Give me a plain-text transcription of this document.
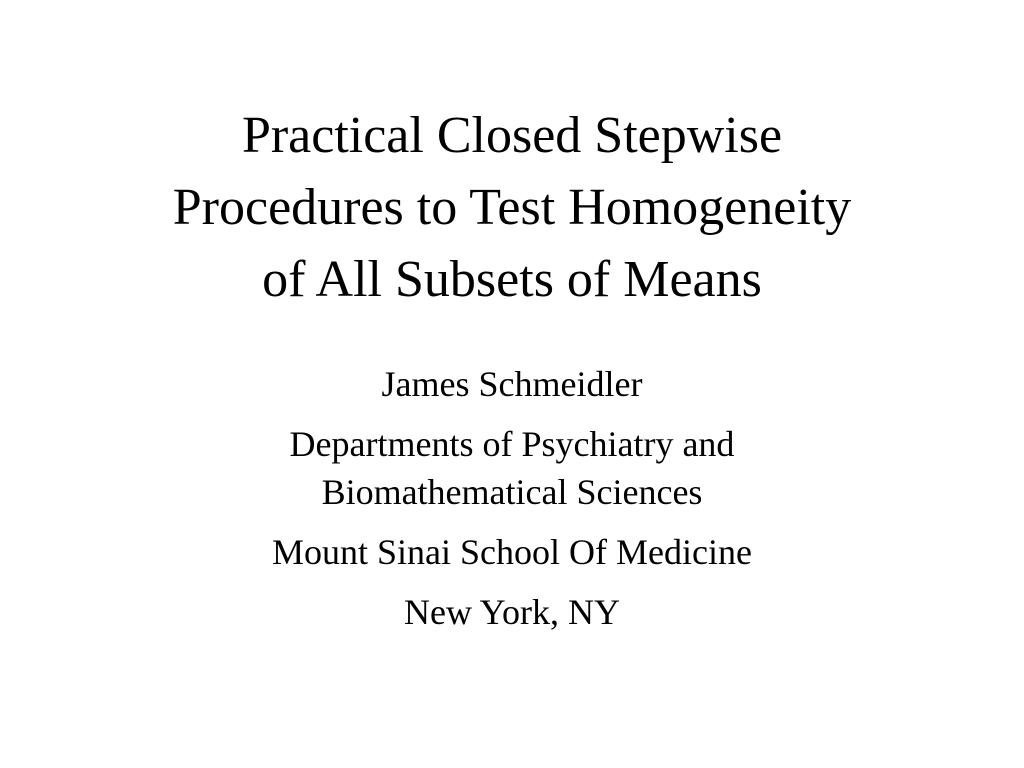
Practical Closed Stepwise
Procedures to Test Homogeneity
of All Subsets of Means

James Schmeidler

Departments of Psychiatry and
Biomathematical Sciences

Mount Sinai School Of Medicine

New York, NY
